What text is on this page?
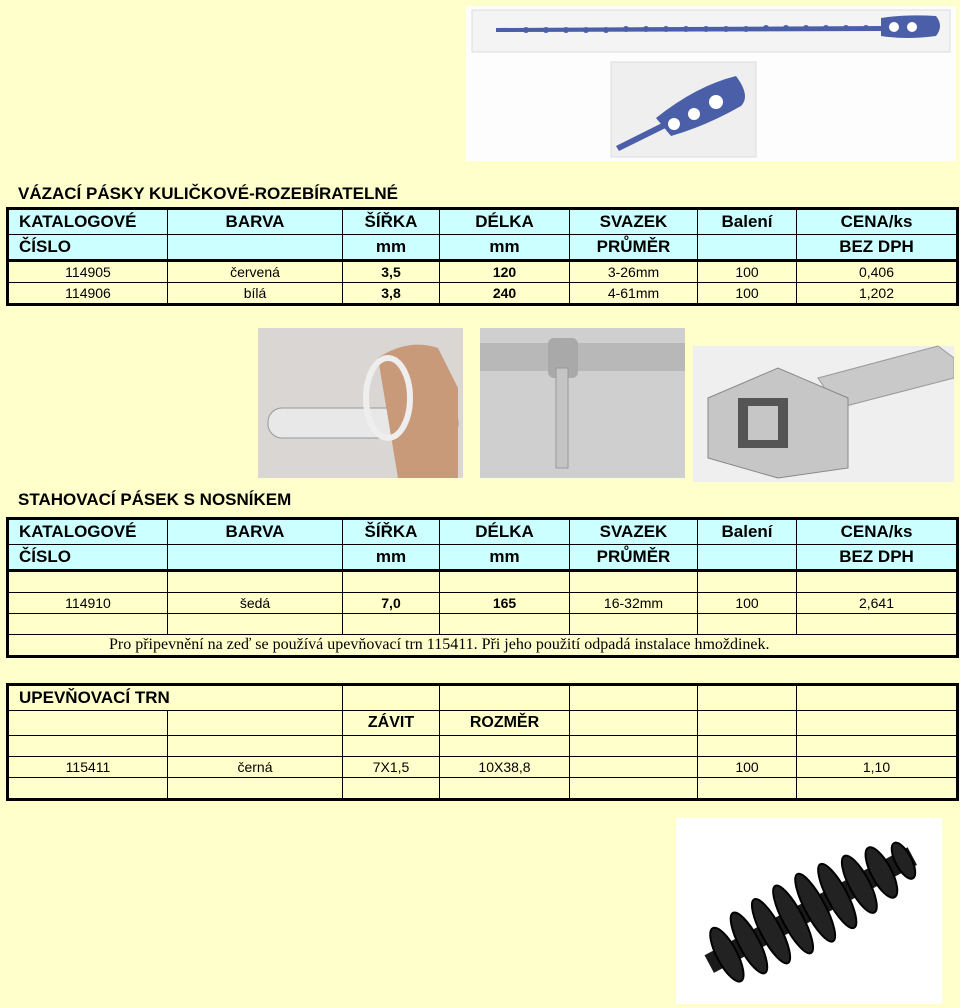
VÁZACÍ PÁSKY KULIČKOVÉ-ROZEBÍRATELNÉ
KATALOGOVÉ	BARVA	ŠÍŘKA	DÉLKA	SVAZEK	Balení	CENA/ks
ČÍSLO		mm	mm	PRŮMĚR		BEZ DPH
114905	červená	3,5	120	3-26mm	100	0,406
114906	bílá	3,8	240	4-61mm	100	1,202
STAHOVACÍ PÁSEK S NOSNÍKEM
KATALOGOVÉ	BARVA	ŠÍŘKA	DÉLKA	SVAZEK	Balení	CENA/ks
ČÍSLO		mm	mm	PRŮMĚR		BEZ DPH

114910	šedá	7,0	165	16-32mm	100	2,641

Pro připevnění na zeď se používá upevňovací trn 115411. Při jeho použití odpadá instalace hmoždinek.						
UPEVŇOVACÍ TRN						
		ZÁVIT	ROZMĚR			

115411	černá	7X1,5	10X38,8		100	1,10
